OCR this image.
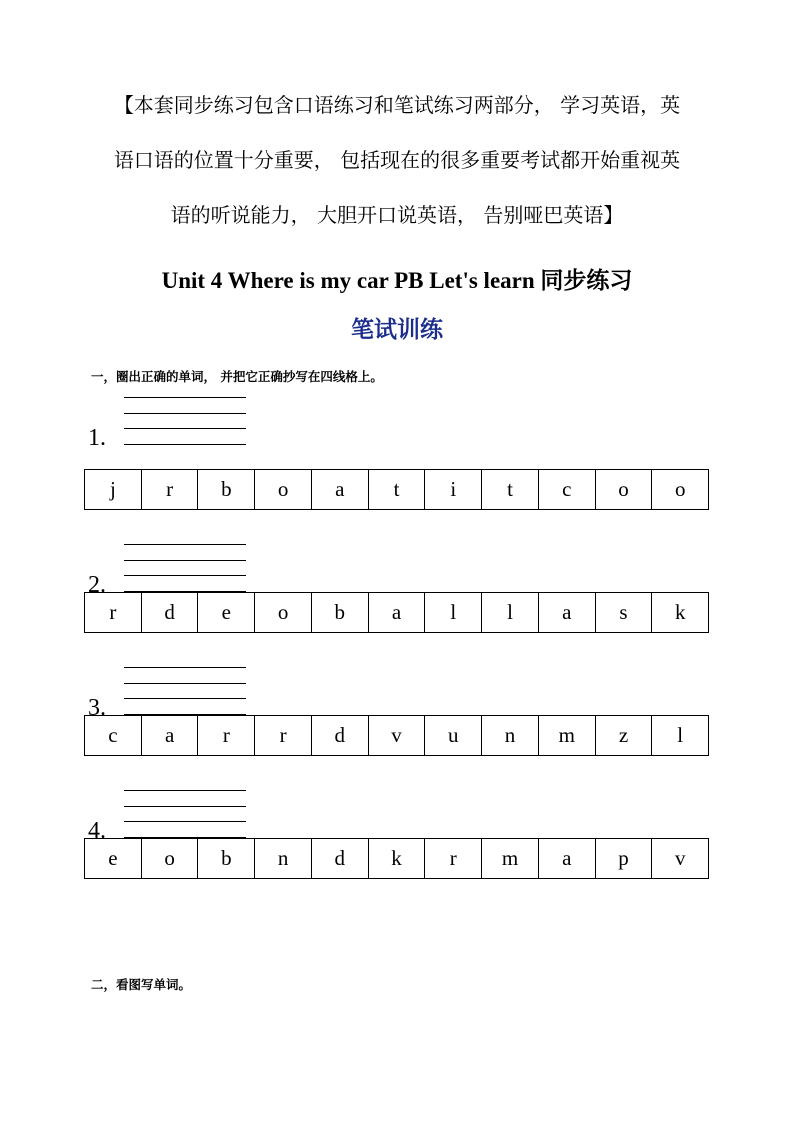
【本套同步练习包含口语练习和笔试练习两部分， 学习英语，英
语口语的位置十分重要， 包括现在的很多重要考试都开始重视英
语的听说能力， 大胆开口说英语， 告别哑巴英语】
Unit 4 Where is my car PB Let's learn 同步练习
笔试训练
一，圈出正确的单词， 并把它正确抄写在四线格上。
二，看图写单词。
1.
j	r	b	o	a	t	i	t	c	o	o
2.
r	d	e	o	b	a	l	l	a	s	k
3.
c	a	r	r	d	v	u	n	m	z	l
4.
e	o	b	n	d	k	r	m	a	p	v
